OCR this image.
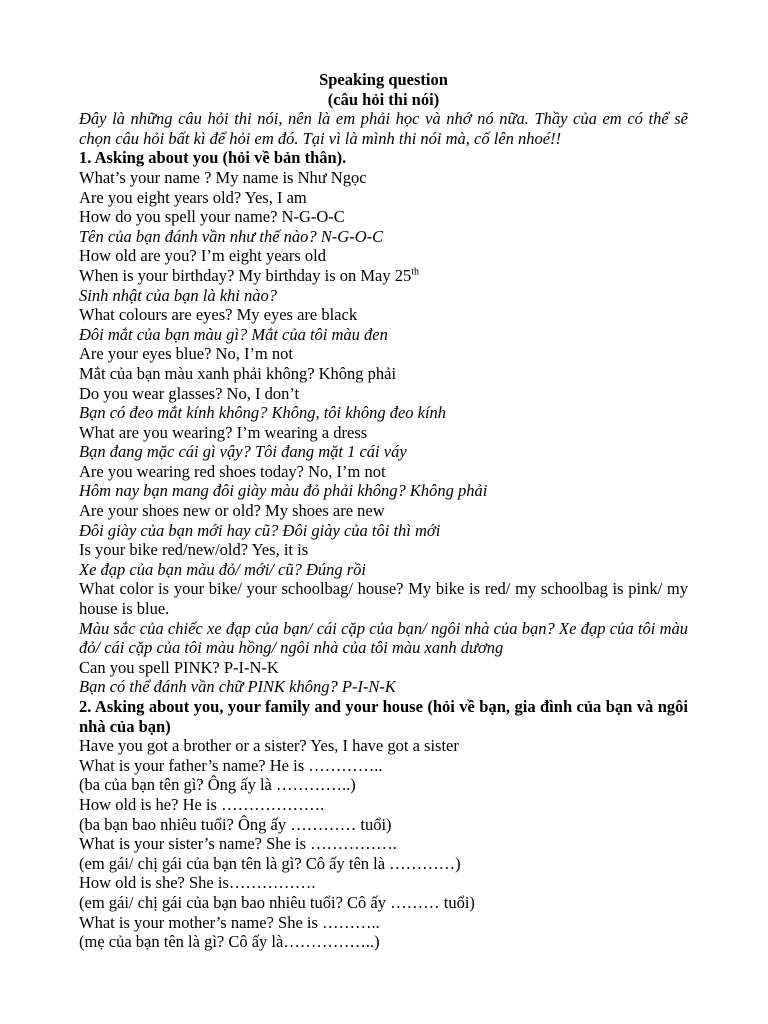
Speaking question
(câu hỏi thi nói)
Đây là những câu hỏi thi nói, nên là em phải học và nhớ nó nữa. Thầy của em có thể sẽ chọn câu hỏi bất kì để hỏi em đó. Tại vì là mình thi nói mà, cố lên nhoé!!
1. Asking about you (hỏi về bản thân).
What’s your name ? My name is Như Ngọc
Are you eight years old? Yes, I am
How do you spell your name? N-G-O-C
Tên của bạn đánh vần như thế nào? N-G-O-C
How old are you? I’m eight years old
When is your birthday? My birthday is on May 25th
Sinh nhật của bạn là khi nào?
What colours are eyes? My eyes are black
Đôi mắt của bạn màu gì? Mắt của tôi màu đen
Are your eyes blue? No, I’m not
Mắt của bạn màu xanh phải không? Không phải
Do you wear glasses? No, I don’t
Bạn có đeo mắt kính không? Không, tôi không đeo kính
What are you wearing? I’m wearing a dress
Bạn đang mặc cái gì vậy? Tôi đang mặt 1 cái váy
Are you wearing red shoes today? No, I’m not
Hôm nay bạn mang đôi giày màu đỏ phải không? Không phải
Are your shoes new or old? My shoes are new
Đôi giày của bạn mới hay cũ? Đôi giày của tôi thì mới
Is your bike red/new/old? Yes, it is
Xe đạp của bạn màu đỏ/ mới/ cũ? Đúng rồi
What color is your bike/ your schoolbag/ house? My bike is red/ my schoolbag is pink/ my house is blue.
Màu sắc của chiếc xe đạp của bạn/ cái cặp của bạn/ ngôi nhà của bạn? Xe đạp của tôi màu đỏ/ cái cặp của tôi màu hồng/ ngôi nhà của tôi màu xanh dương
Can you spell PINK? P-I-N-K
Bạn có thể đánh vần chữ PINK không? P-I-N-K
2. Asking about you, your family and your house (hỏi về bạn, gia đình của bạn và ngôi nhà của bạn)
Have you got a brother or a sister? Yes, I have got a sister
What is your father’s name? He is …………..
(ba của bạn tên gì? Ông ấy là …………..)
How old is he? He is ……………….
(ba bạn bao nhiêu tuổi? Ông ấy ………… tuổi)
What is your sister’s name? She is …………….
(em gái/ chị gái của bạn tên là gì? Cô ấy tên là …………)
How old is she? She is…………….
(em gái/ chị gái của bạn bao nhiêu tuổi? Cô ấy ……… tuổi)
What is your mother’s name? She is ………..
(mẹ của bạn tên là gì? Cô ấy là……………..)
